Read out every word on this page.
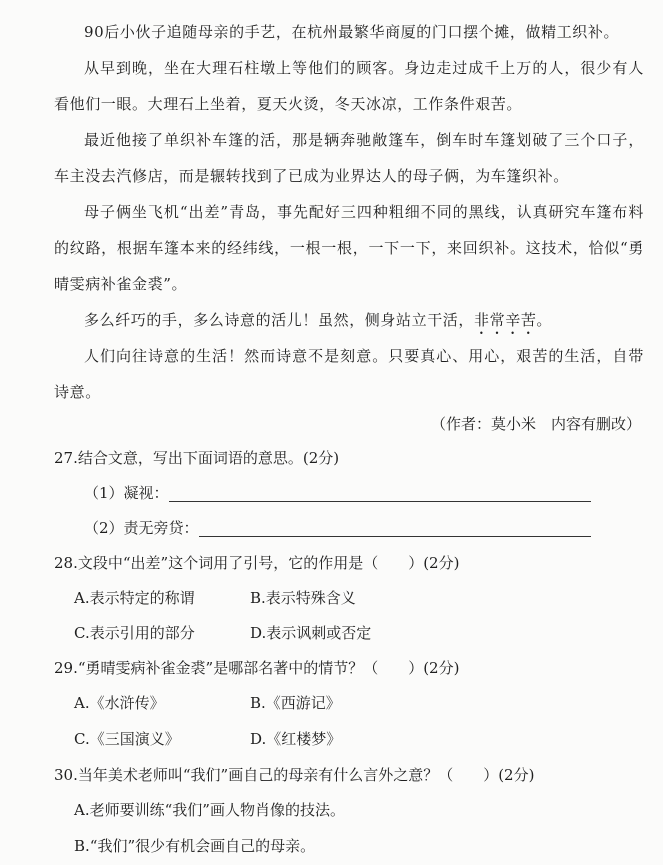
90后小伙子追随母亲的手艺，在杭州最繁华商厦的门口摆个摊，做精工织补。

从早到晚，坐在大理石柱墩上等他们的顾客。身边走过成千上万的人，很少有人看他们一眼。大理石上坐着，夏天火烫，冬天冰凉，工作条件艰苦。

最近他接了单织补车篷的活，那是辆奔驰敞篷车，倒车时车篷划破了三个口子，车主没去汽修店，而是辗转找到了已成为业界达人的母子俩，为车篷织补。

母子俩坐飞机“出差”青岛，事先配好三四种粗细不同的黑线，认真研究车篷布料的纹路，根据车篷本来的经纬线，一根一根，一下一下，来回织补。这技术，恰似“勇晴雯病补雀金裘”。

多么纤巧的手，多么诗意的活儿！虽然，侧身站立干活，非常辛苦。

人们向往诗意的生活！然而诗意不是刻意。只要真心、用心，艰苦的生活，自带诗意。

（作者：莫小米　内容有删改）

27.结合文意，写出下面词语的意思。(2分)

（1）凝视：
（2）责无旁贷：

28.文段中“出差”这个词用了引号，它的作用是（　　）(2分)

A.表示特定的称谓	B.表示特殊含义
C.表示引用的部分	D.表示讽刺或否定

29.“勇晴雯病补雀金裘”是哪部名著中的情节？（　　）(2分)

A.《水浒传》	B.《西游记》
C.《三国演义》	D.《红楼梦》

30.当年美术老师叫“我们”画自己的母亲有什么言外之意？（　　）(2分)

A.老师要训练“我们”画人物肖像的技法。
B.“我们”很少有机会画自己的母亲。
